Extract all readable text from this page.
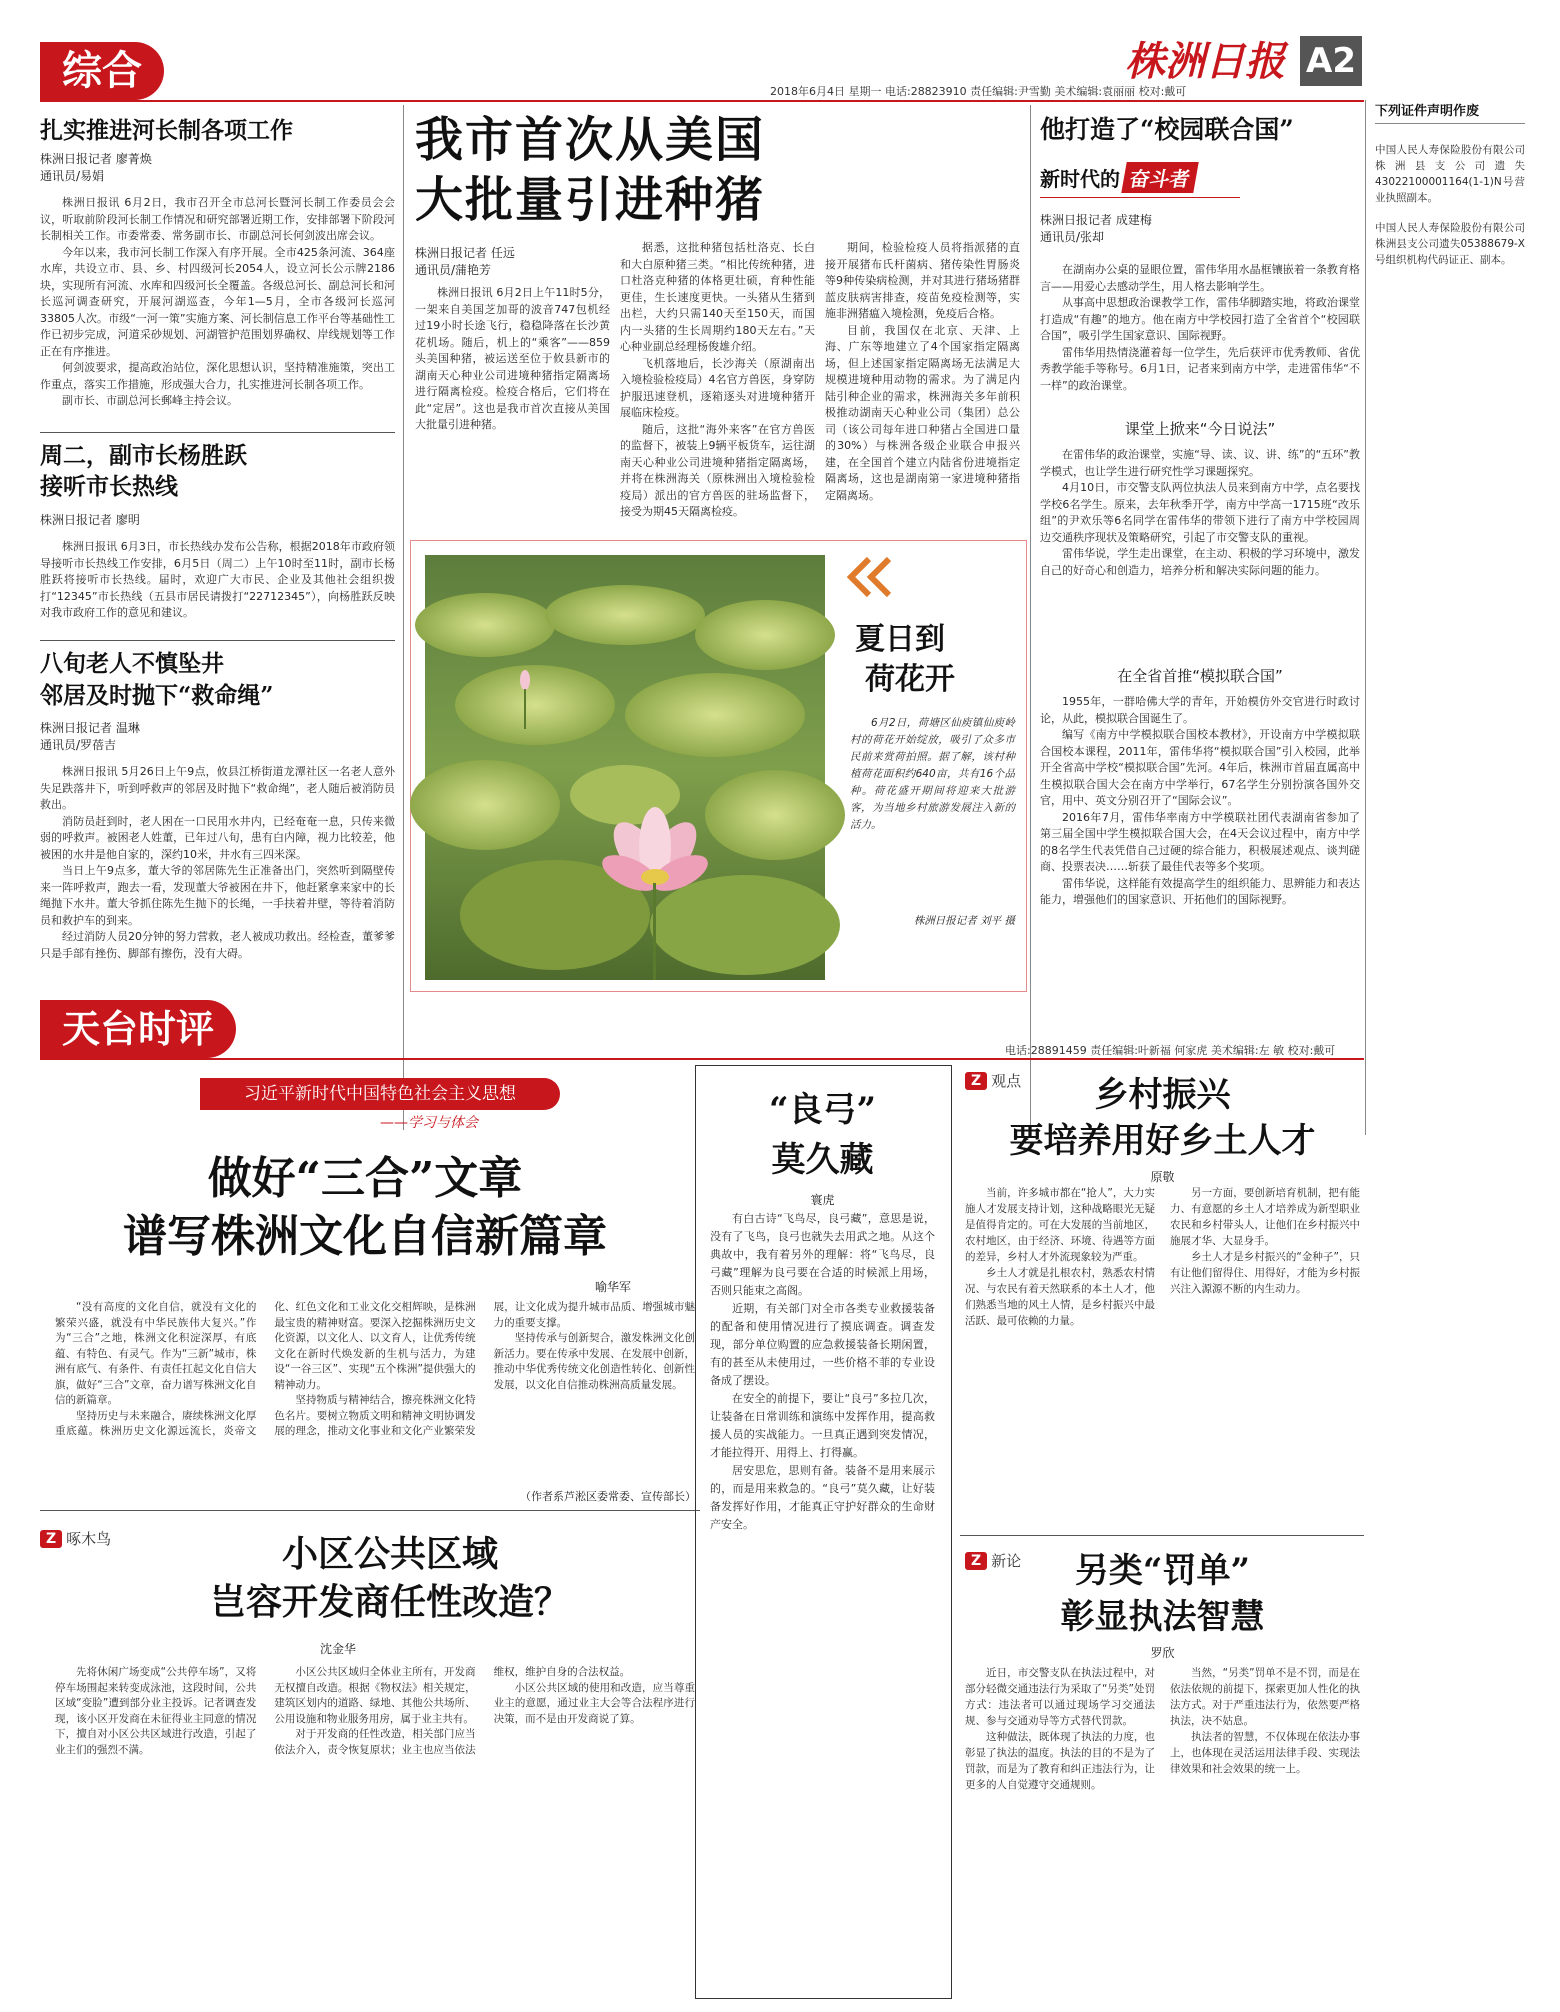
综合	株洲日报 A2
2018年6月4日 星期一 电话:28823910 责任编辑:尹雪勤 美术编辑:袁丽丽 校对:戴可
下列证件声明作废

中国人民人寿保险股份有限公司株洲县支公司遗失43022100001164(1-1)N号营业执照副本。

中国人民人寿保险股份有限公司株洲县支公司遗失05388679-X号组织机构代码证正、副本。

扎实推进河长制各项工作
株洲日报记者 廖菁焕
通讯员/易娟

株洲日报讯 6月2日，我市召开全市总河长暨河长制工作委员会会议，听取前阶段河长制工作情况和研究部署近期工作，安排部署下阶段河长制相关工作。市委常委、常务副市长、市副总河长何剑波出席会议。

今年以来，我市河长制工作深入有序开展。全市425条河流、364座水库，共设立市、县、乡、村四级河长2054人，设立河长公示牌2186块，实现所有河流、水库和四级河长全覆盖。各级总河长、副总河长和河长巡河调查研究，开展河湖巡查，今年1—5月，全市各级河长巡河33805人次。市级“一河一策”实施方案、河长制信息工作平台等基础性工作已初步完成，河道采砂规划、河湖管护范围划界确权、岸线规划等工作正在有序推进。

何剑波要求，提高政治站位，深化思想认识，坚持精准施策，突出工作重点，落实工作措施，形成强大合力，扎实推进河长制各项工作。

副市长、市副总河长郵峰主持会议。

周二，副市长杨胜跃
接听市长热线
株洲日报记者 廖明

株洲日报讯 6月3日，市长热线办发布公告称，根据2018年市政府领导接听市长热线工作安排，6月5日（周二）上午10时至11时，副市长杨胜跃将接听市长热线。届时，欢迎广大市民、企业及其他社会组织拨打“12345”市长热线（五县市居民请拨打“22712345”），向杨胜跃反映对我市政府工作的意见和建议。

八旬老人不慎坠井
邻居及时抛下“救命绳”
株洲日报记者 温琳
通讯员/罗蓓吉

株洲日报讯 5月26日上午9点，攸县江桥街道龙潭社区一名老人意外失足跌落井下，听到呼救声的邻居及时抛下“救命绳”，老人随后被消防员救出。

消防员赶到时，老人困在一口民用水井内，已经奄奄一息，只传来微弱的呼救声。被困老人姓董，已年过八旬，患有白内障，视力比较差，他被困的水井是他自家的，深约10米，井水有三四米深。

当日上午9点多，董大爷的邻居陈先生正准备出门，突然听到隔壁传来一阵呼救声，跑去一看，发现董大爷被困在井下，他赶紧拿来家中的长绳抛下水井。董大爷抓住陈先生抛下的长绳，一手扶着井壁，等待着消防员和救护车的到来。

经过消防人员20分钟的努力营救，老人被成功救出。经检查，董爹爹只是手部有挫伤、脚部有擦伤，没有大碍。

我市首次从美国
大批量引进种猪
株洲日报记者 任远
通讯员/蒲艳芳

株洲日报讯 6月2日上午11时5分，一架来自美国芝加哥的波音747包机经过19小时长途飞行，稳稳降落在长沙黄花机场。随后，机上的“乘客”——859头美国种猪，被运送至位于攸县新市的湖南天心种业公司进境种猪指定隔离场进行隔离检疫。检疫合格后，它们将在此“定居”。这也是我市首次直接从美国大批量引进种猪。

据悉，这批种猪包括杜洛克、长白和大白原种猪三类。“相比传统种猪，进口杜洛克种猪的体格更壮硕，育种性能更佳，生长速度更快。一头猪从生猪到出栏，大约只需140天至150天，而国内一头猪的生长周期约180天左右。”天心种业副总经理杨俊雄介绍。

飞机落地后，长沙海关（原湖南出入境检验检疫局）4名官方兽医，身穿防护服迅速登机，逐箱逐头对进境种猪开展临床检疫。

随后，这批“海外来客”在官方兽医的监督下，被装上9辆平板货车，运往湖南天心种业公司进境种猪指定隔离场，并将在株洲海关（原株洲出入境检验检疫局）派出的官方兽医的驻场监督下，接受为期45天隔离检疫。

期间，检验检疫人员将指派猪的直接开展猪布氏杆菌病、猪传染性胃肠炎等9种传染病检测，并对其进行猪场猪群蓝皮肤病害排查，疫苗免疫检测等，实施非洲猪瘟入境检测，免疫后合格。

目前，我国仅在北京、天津、上海、广东等地建立了4个国家指定隔离场，但上述国家指定隔离场无法满足大规模进境种用动物的需求。为了满足内陆引种企业的需求，株洲海关多年前积极推动湖南天心种业公司（集团）总公司（该公司每年进口种猪占全国进口量的30%）与株洲各级企业联合申报兴建，在全国首个建立内陆省份进境指定隔离场，这也是湖南第一家进境种猪指定隔离场。

夏日到
荷花开

6月2日，荷塘区仙庾镇仙庾岭村的荷花开始绽放，吸引了众多市民前来赏荷拍照。据了解，该村种植荷花面积约640亩，共有16个品种。荷花盛开期间将迎来大批游客，为当地乡村旅游发展注入新的活力。

株洲日报记者 刘平 摄
他打造了“校园联合国”
新时代的 奋斗者
株洲日报记者 成建梅
通讯员/张却

在湖南办公桌的显眼位置，雷伟华用水晶框镶嵌着一条教育格言——用爱心去感动学生，用人格去影响学生。

从事高中思想政治课教学工作，雷伟华脚踏实地，将政治课堂打造成“有趣”的地方。他在南方中学校园打造了全省首个“校园联合国”，吸引学生国家意识、国际视野。

雷伟华用热情浇灌着每一位学生，先后获评市优秀教师、省优秀教学能手等称号。6月1日，记者来到南方中学，走进雷伟华“不一样”的政治课堂。

课堂上掀来“今日说法”

在雷伟华的政治课堂，实施“导、读、议、讲、练”的“五环”教学模式，也让学生进行研究性学习课题探究。

4月10日，市交警支队两位执法人员来到南方中学，点名要找学校6名学生。原来，去年秋季开学，南方中学高一1715班“改乐组”的尹欢乐等6名同学在雷伟华的带领下进行了南方中学校园周边交通秩序现状及策略研究，引起了市交警支队的重视。

雷伟华说，学生走出课堂，在主动、积极的学习环境中，激发自己的好奇心和创造力，培养分析和解决实际问题的能力。

在全省首推“模拟联合国”

1955年，一群哈佛大学的青年，开始模仿外交官进行时政讨论，从此，模拟联合国诞生了。

编写《南方中学模拟联合国校本教材》，开设南方中学模拟联合国校本课程，2011年，雷伟华将“模拟联合国”引入校园，此举开全省高中学校“模拟联合国”先河。4年后，株洲市首届直属高中生模拟联合国大会在南方中学举行，67名学生分别扮演各国外交官，用中、英文分别召开了“国际会议”。

2016年7月，雷伟华率南方中学模联社团代表湖南省参加了第三届全国中学生模拟联合国大会，在4天会议过程中，南方中学的8名学生代表凭借自己过硬的综合能力，积极展述观点、谈判磋商、投票表决……斩获了最佳代表等多个奖项。

雷伟华说，这样能有效提高学生的组织能力、思辨能力和表达能力，增强他们的国家意识、开拓他们的国际视野。

天台时评	电话:28891459 责任编辑:叶新福 何家虎 美术编辑:左 敏 校对:戴可
习近平新时代中国特色社会主义思想
——学习与体会
做好“三合”文章
谱写株洲文化自信新篇章
喻华军

“没有高度的文化自信，就没有文化的繁荣兴盛，就没有中华民族伟大复兴。”作为“三合”之地，株洲文化积淀深厚，有底蕴、有特色、有灵气。作为“三新”城市，株洲有底气、有条件、有责任扛起文化自信大旗，做好“三合”文章，奋力谱写株洲文化自信的新篇章。

坚持历史与未来融合，赓续株洲文化厚重底蕴。株洲历史文化源远流长，炎帝文化、红色文化和工业文化交相辉映，是株洲最宝贵的精神财富。要深入挖掘株洲历史文化资源，以文化人、以文育人，让优秀传统文化在新时代焕发新的生机与活力，为建设“一谷三区”、实现“五个株洲”提供强大的精神动力。

坚持物质与精神结合，擦亮株洲文化特色名片。要树立物质文明和精神文明协调发展的理念，推动文化事业和文化产业繁荣发展，让文化成为提升城市品质、增强城市魅力的重要支撑。

坚持传承与创新契合，激发株洲文化创新活力。要在传承中发展、在发展中创新，推动中华优秀传统文化创造性转化、创新性发展，以文化自信推动株洲高质量发展。

（作者系芦淞区委常委、宣传部长）
Z 啄木鸟	小区公共区域
岂容开发商任性改造？
沈金华

先将休闲广场变成“公共停车场”，又将停车场围起来转变成泳池，这段时间，公共区域“变脸”遭到部分业主投诉。记者调查发现，该小区开发商在未征得业主同意的情况下，擅自对小区公共区域进行改造，引起了业主们的强烈不满。

小区公共区域归全体业主所有，开发商无权擅自改造。根据《物权法》相关规定，建筑区划内的道路、绿地、其他公共场所、公用设施和物业服务用房，属于业主共有。

对于开发商的任性改造，相关部门应当依法介入，责令恢复原状；业主也应当依法维权，维护自身的合法权益。

小区公共区域的使用和改造，应当尊重业主的意愿，通过业主大会等合法程序进行决策，而不是由开发商说了算。

“良弓”
莫久藏
寰虎

有白古诗“飞鸟尽，良弓藏”，意思是说，没有了飞鸟，良弓也就失去用武之地。从这个典故中，我有着另外的理解：将“飞鸟尽，良弓藏”理解为良弓要在合适的时候派上用场，否则只能束之高阁。

近期，有关部门对全市各类专业救援装备的配备和使用情况进行了摸底调查。调查发现，部分单位购置的应急救援装备长期闲置，有的甚至从未使用过，一些价格不菲的专业设备成了摆设。

在安全的前提下，要让“良弓”多拉几次，让装备在日常训练和演练中发挥作用，提高救援人员的实战能力。一旦真正遇到突发情况，才能拉得开、用得上、打得赢。

居安思危，思则有备。装备不是用来展示的，而是用来救急的。“良弓”莫久藏，让好装备发挥好作用，才能真正守护好群众的生命财产安全。

Z 观点	乡村振兴
要培养用好乡土人才
原敬

当前，许多城市都在“抢人”，大力实施人才发展支持计划，这种战略眼光无疑是值得肯定的。可在大发展的当前地区，农村地区，由于经济、环境、待遇等方面的差异，乡村人才外流现象较为严重。

乡土人才就是扎根农村，熟悉农村情况、与农民有着天然联系的本土人才，他们熟悉当地的风土人情，是乡村振兴中最活跃、最可依赖的力量。

另一方面，要创新培育机制，把有能力、有意愿的乡土人才培养成为新型职业农民和乡村带头人，让他们在乡村振兴中施展才华、大显身手。

乡土人才是乡村振兴的“金种子”，只有让他们留得住、用得好，才能为乡村振兴注入源源不断的内生动力。

Z 新论	另类“罚单”
彰显执法智慧
罗欣

近日，市交警支队在执法过程中，对部分轻微交通违法行为采取了“另类”处罚方式：违法者可以通过现场学习交通法规、参与交通劝导等方式替代罚款。

这种做法，既体现了执法的力度，也彰显了执法的温度。执法的目的不是为了罚款，而是为了教育和纠正违法行为，让更多的人自觉遵守交通规则。

当然，“另类”罚单不是不罚，而是在依法依规的前提下，探索更加人性化的执法方式。对于严重违法行为，依然要严格执法，决不姑息。

执法者的智慧，不仅体现在依法办事上，也体现在灵活运用法律手段、实现法律效果和社会效果的统一上。
